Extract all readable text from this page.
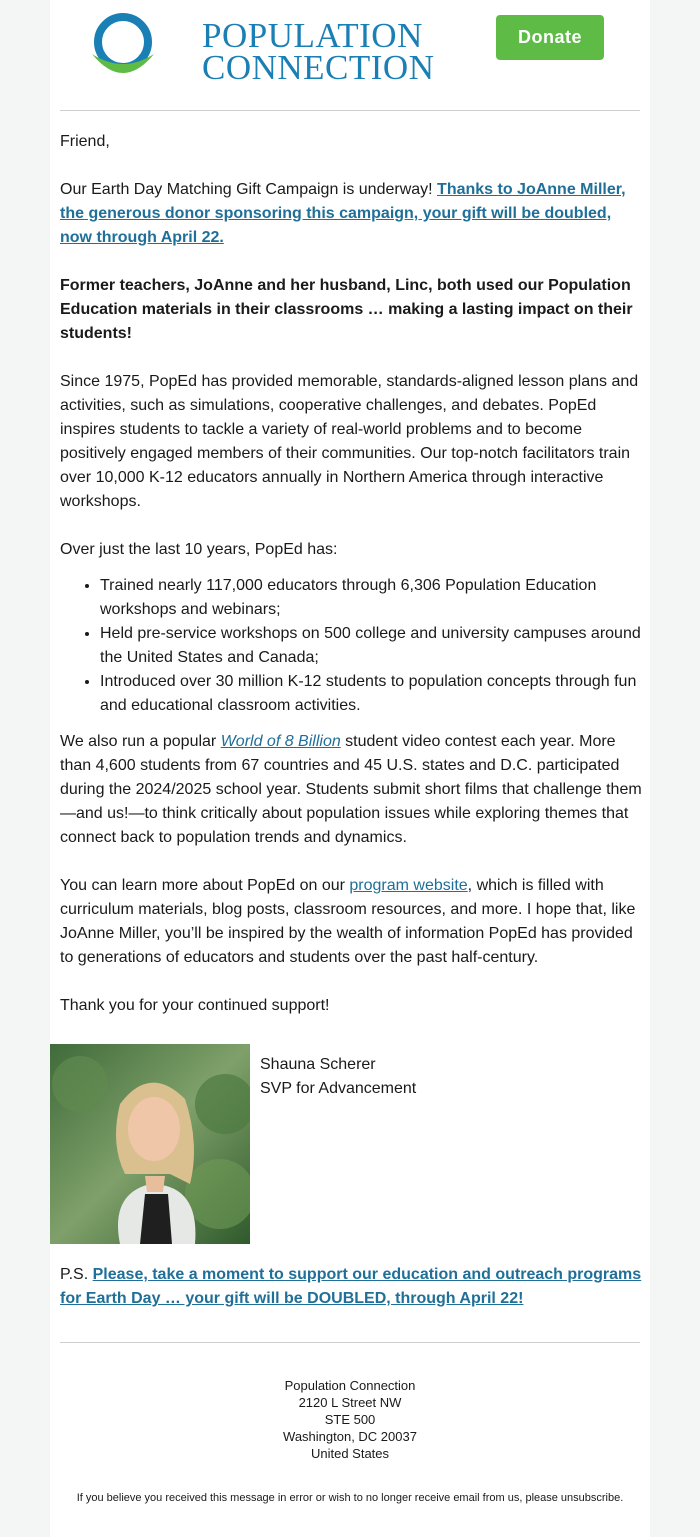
POPULATION
CONNECTION
Donate

Friend,

Our Earth Day Matching Gift Campaign is underway! Thanks to JoAnne Miller, the generous donor sponsoring this campaign, your gift will be doubled, now through April 22.

Former teachers, JoAnne and her husband, Linc, both used our Population Education materials in their classrooms … making a lasting impact on their students!

Since 1975, PopEd has provided memorable, standards-aligned lesson plans and activities, such as simulations, cooperative challenges, and debates. PopEd inspires students to tackle a variety of real-world problems and to become positively engaged members of their communities. Our top-notch facilitators train over 10,000 K-12 educators annually in Northern America through interactive workshops.

Over just the last 10 years, PopEd has:

• Trained nearly 117,000 educators through 6,306 Population Education workshops and webinars;
• Held pre-service workshops on 500 college and university campuses around the United States and Canada;
• Introduced over 30 million K-12 students to population concepts through fun and educational classroom activities.

We also run a popular World of 8 Billion student video contest each year. More than 4,600 students from 67 countries and 45 U.S. states and D.C. participated during the 2024/2025 school year. Students submit short films that challenge them—and us!—to think critically about population issues while exploring themes that connect back to population trends and dynamics.

You can learn more about PopEd on our program website, which is filled with curriculum materials, blog posts, classroom resources, and more. I hope that, like JoAnne Miller, you’ll be inspired by the wealth of information PopEd has provided to generations of educators and students over the past half-century.

Thank you for your continued support!

Shauna Scherer
SVP for Advancement
P.S. Please, take a moment to support our education and outreach programs for Earth Day … your gift will be DOUBLED, through April 22!
Population Connection
2120 L Street NW
STE 500
Washington, DC 20037
United States
If you believe you received this message in error or wish to no longer receive email from us, please unsubscribe.
